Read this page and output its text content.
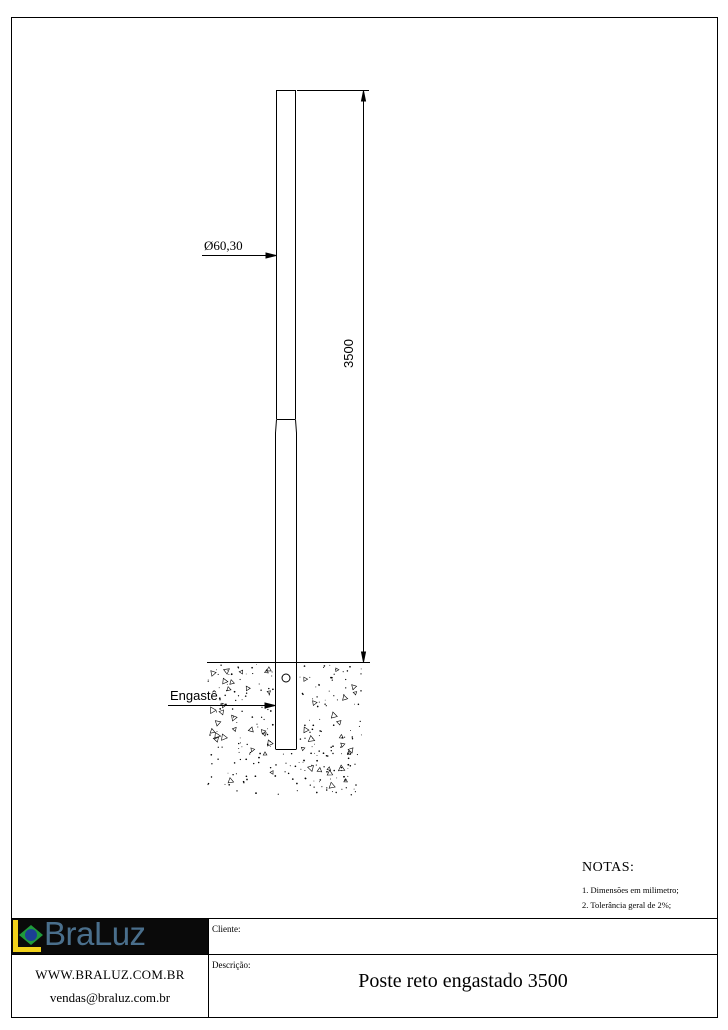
Ø60,30
3500
Engastê
NOTAS:
1. Dimensões em milimetro;
2. Tolerância geral de 2%;
BraLuz	Cliente:
Descrição:
Poste reto engastado 3500
WWW.BRALUZ.COM.BR
vendas@braluz.com.br
